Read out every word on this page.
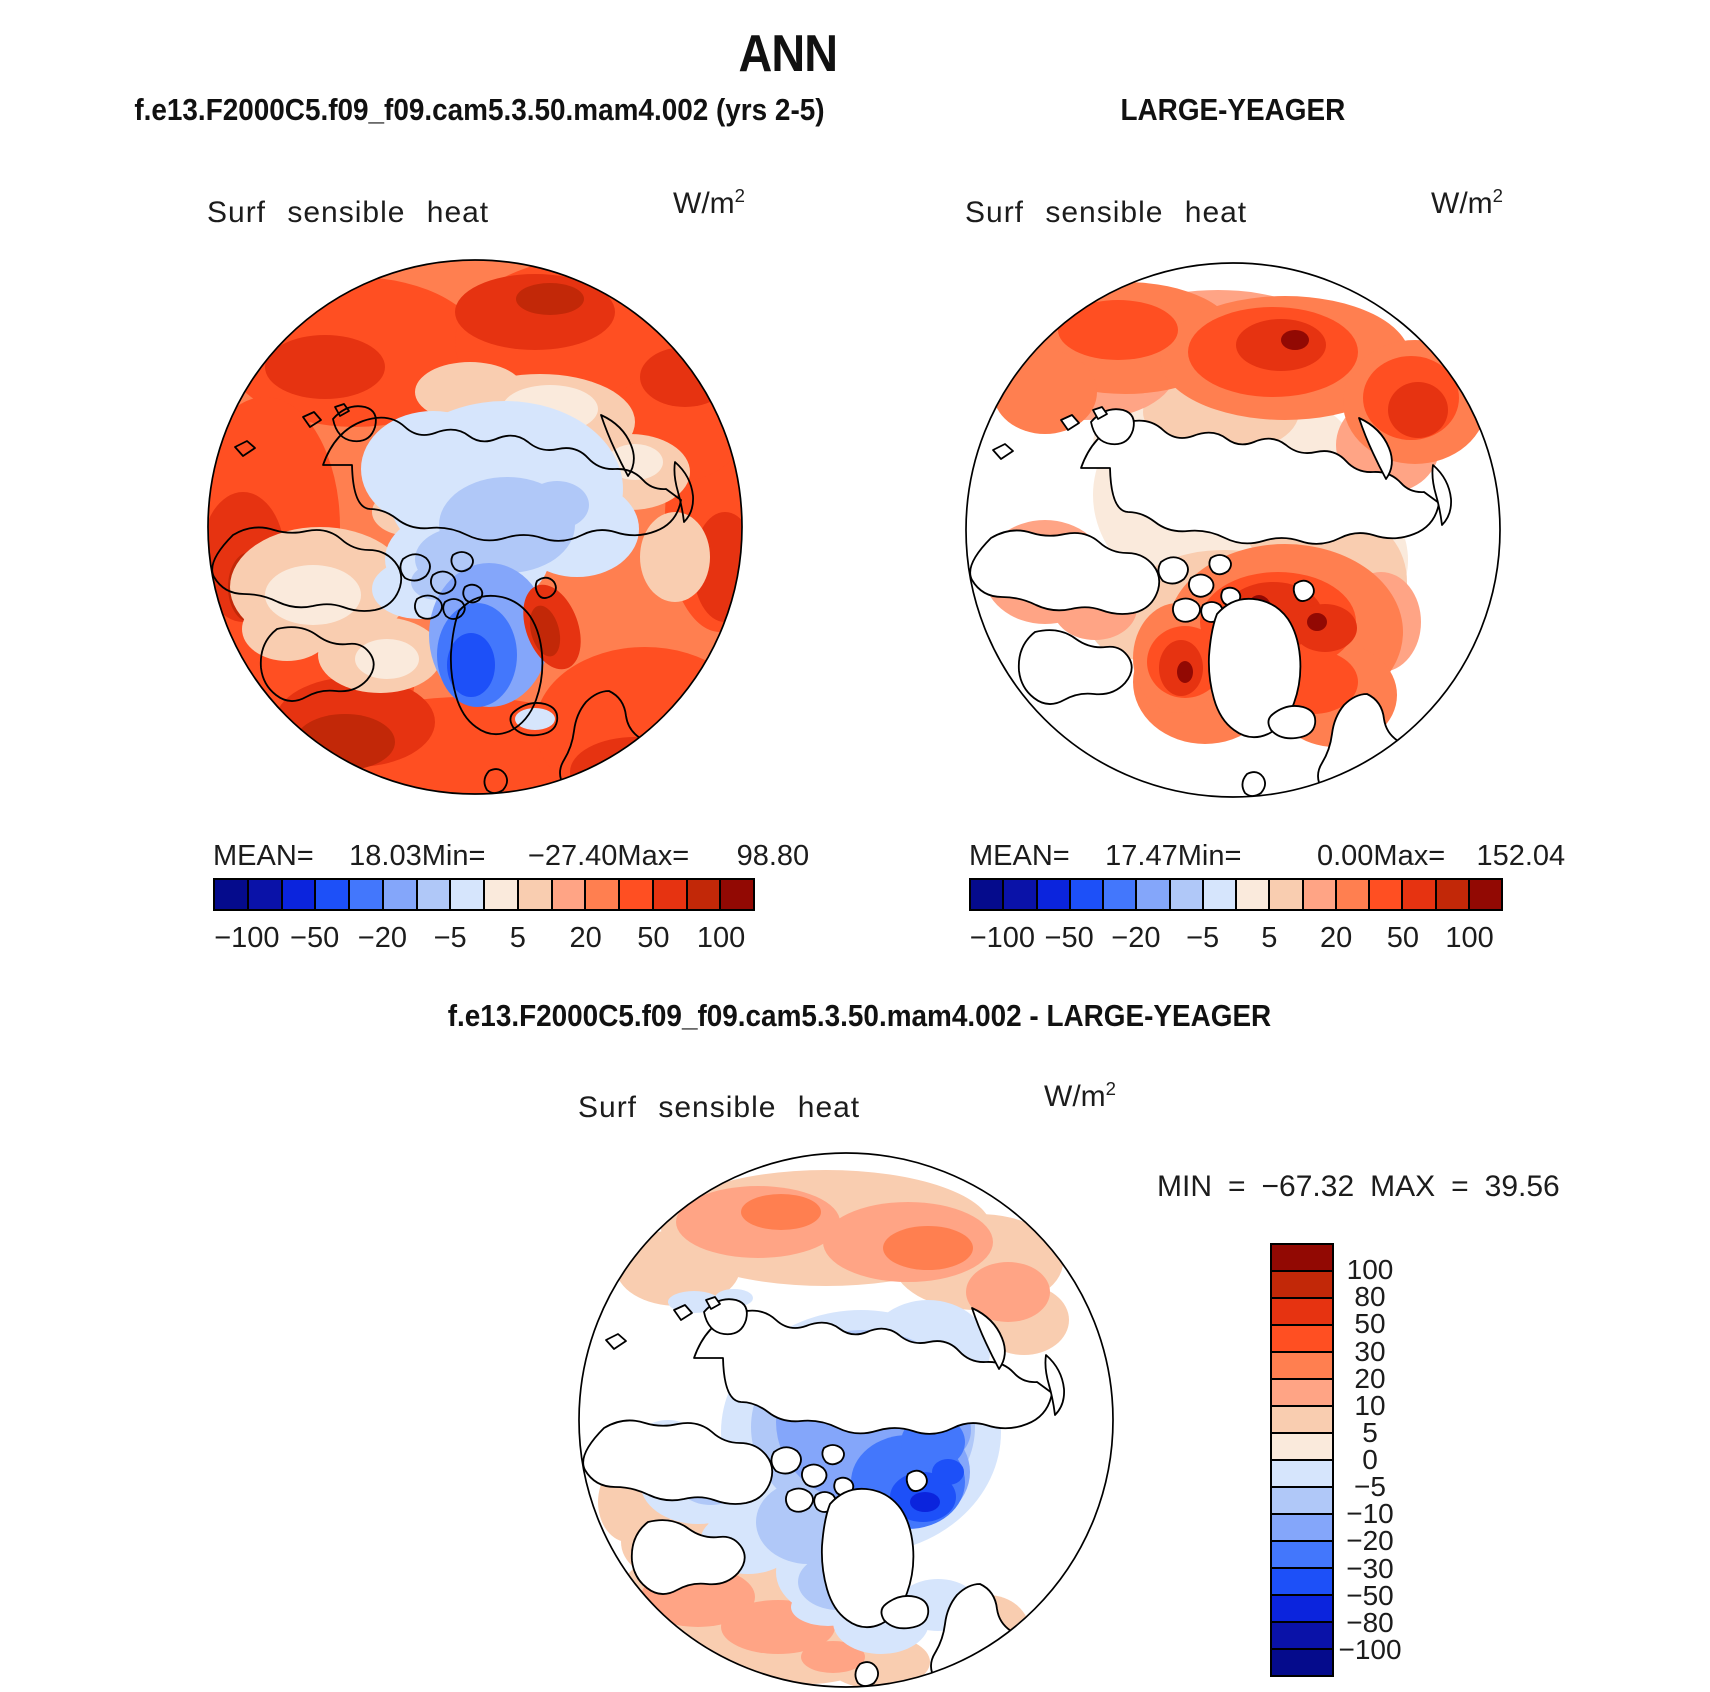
ANN
f.e13.F2000C5.f09_f09.cam5.3.50.mam4.002 (yrs 2-5)	LARGE-YEAGER
Surf sensible heat	$W/m^2$
MEAN=	18.03 Min=	−27.40 Max=	98.80
−100 −50 −20 −5 5 20 50 100
Surf sensible heat	$W/m^2$
MEAN=	17.47 Min=	0.00 Max=	152.04
−100 −50 −20 −5 5 20 50 100
f.e13.F2000C5.f09_f09.cam5.3.50.mam4.002 - LARGE-YEAGER
Surf sensible heat	$W/m^2$
MIN = −67.32 MAX = 39.56
100
80
50
30
20
10
5
0
−5
−10
−20
−30
−50
−80
−100
